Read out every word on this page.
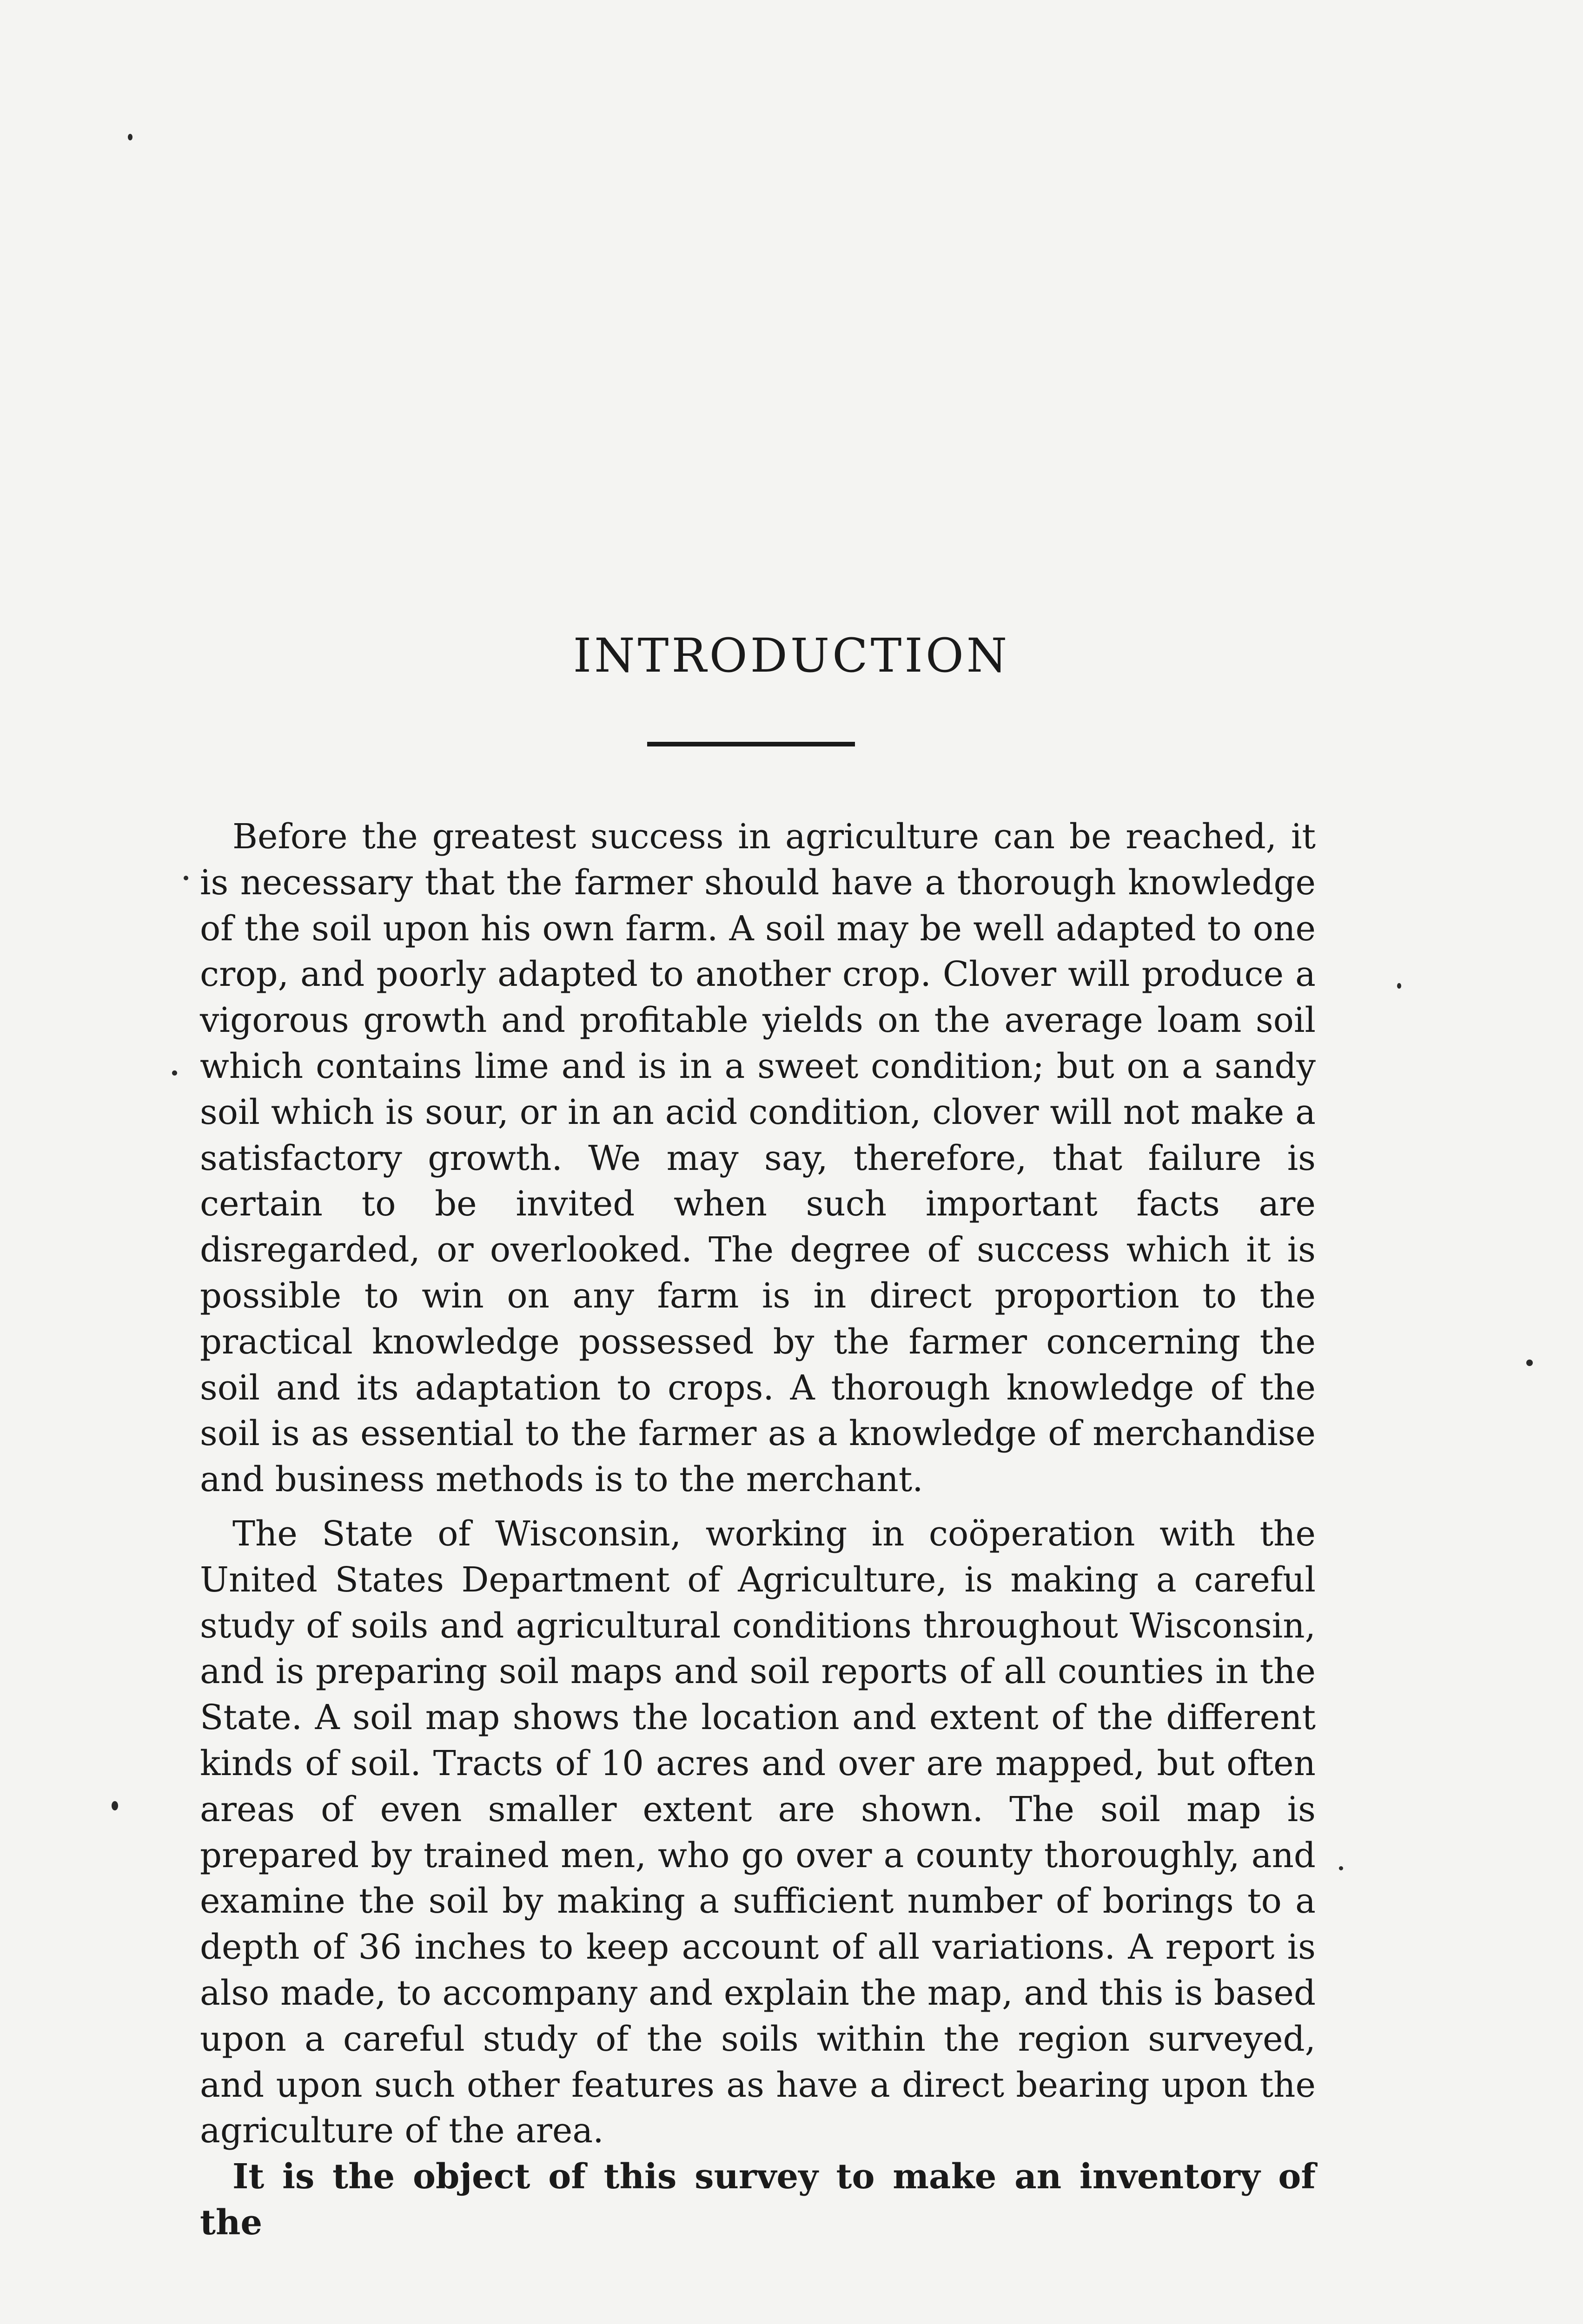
INTRODUCTION

Before the greatest success in agriculture can be reached, it is necessary that the farmer should have a thorough knowledge of the soil upon his own farm. A soil may be well adapted to one crop, and poorly adapted to another crop. Clover will produce a vigorous growth and profitable yields on the average loam soil which contains lime and is in a sweet condition; but on a sandy soil which is sour, or in an acid condition, clover will not make a satisfactory growth. We may say, therefore, that failure is certain to be invited when such important facts are disregarded, or overlooked. The degree of success which it is possible to win on any farm is in direct proportion to the practical knowledge possessed by the farmer concerning the soil and its adaptation to crops. A thorough knowledge of the soil is as essential to the farmer as a knowledge of merchandise and business methods is to the merchant.

The State of Wisconsin, working in coöperation with the United States Department of Agriculture, is making a careful study of soils and agricultural conditions throughout Wisconsin, and is preparing soil maps and soil reports of all counties in the State. A soil map shows the location and extent of the different kinds of soil. Tracts of 10 acres and over are mapped, but often areas of even smaller extent are shown. The soil map is prepared by trained men, who go over a county thoroughly, and examine the soil by making a sufficient number of borings to a depth of 36 inches to keep account of all variations. A report is also made, to accompany and explain the map, and this is based upon a careful study of the soils within the region surveyed, and upon such other features as have a direct bearing upon the agriculture of the area.

It is the object of this survey to make an inventory of the
